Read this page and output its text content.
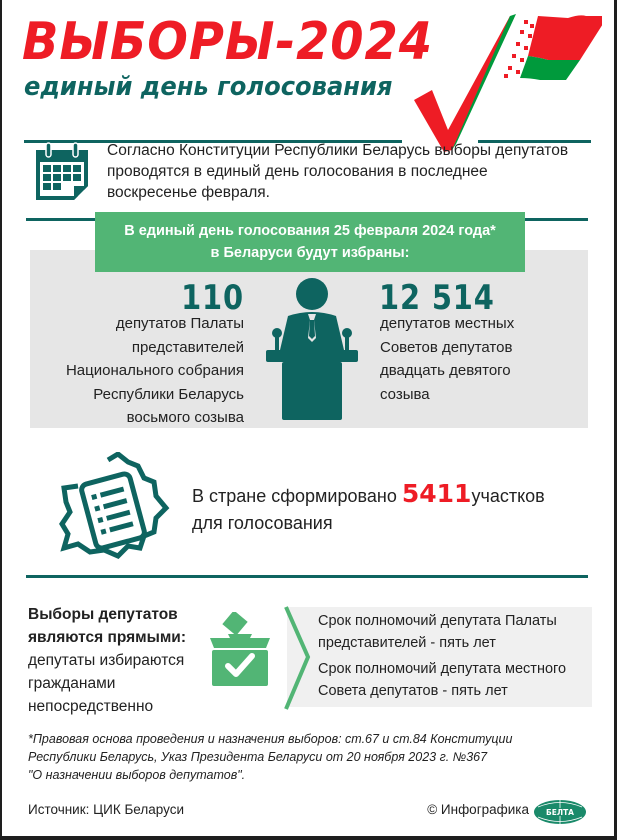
ВЫБОРЫ-2024
единый день голосования
Согласно Конституции Республики Беларусь выборы депутатов проводятся в единый день голосования в последнее воскресенье февраля.
В единый день голосования 25 февраля 2024 года*
в Беларуси будут избраны:
110
депутатов Палаты
представителей
Национального собрания
Республики Беларусь
восьмого созыва
12 514
депутатов местных
Советов депутатов
двадцать девятого
созыва
В стране сформировано 5411участков
для голосования
Выборы депутатов
являются прямыми:
депутаты избираются
гражданами
непосредственно

Срок полномочий депутата Палаты
представителей - пять лет

Срок полномочий депутата местного
Совета депутатов - пять лет

*Правовая основа проведения и назначения выборов: ст.67 и ст.84 Конституции
Республики Беларусь, Указ Президента Беларуси от 20 ноября 2023 г. №367
"О назначении выборов депутатов".
Источник: ЦИК Беларуси	© Инфографика БЕЛТА
